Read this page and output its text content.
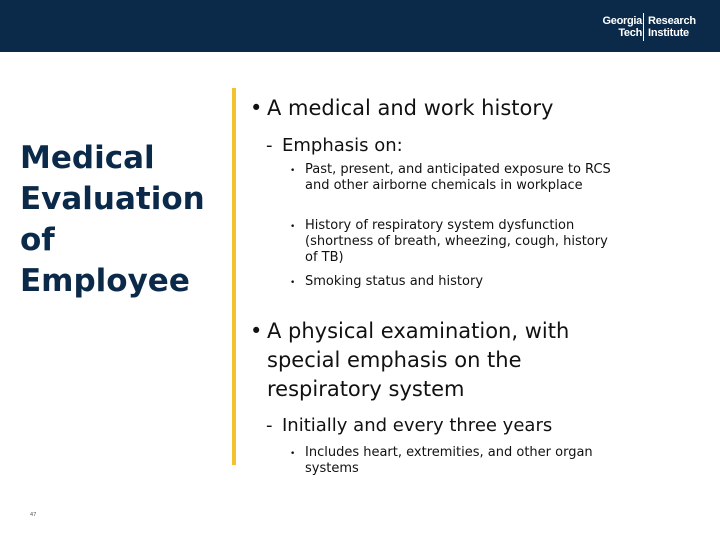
Georgia
Tech
Research
Institute
Medical
Evaluation
of
Employee
• A medical and work history
- Emphasis on:
• Past, present, and anticipated exposure to RCS and other airborne chemicals in workplace
• History of respiratory system dysfunction (shortness of breath, wheezing, cough, history of TB)
• Smoking status and history
• A physical examination, with special emphasis on the respiratory system
- Initially and every three years
• Includes heart, extremities, and other organ systems
47
